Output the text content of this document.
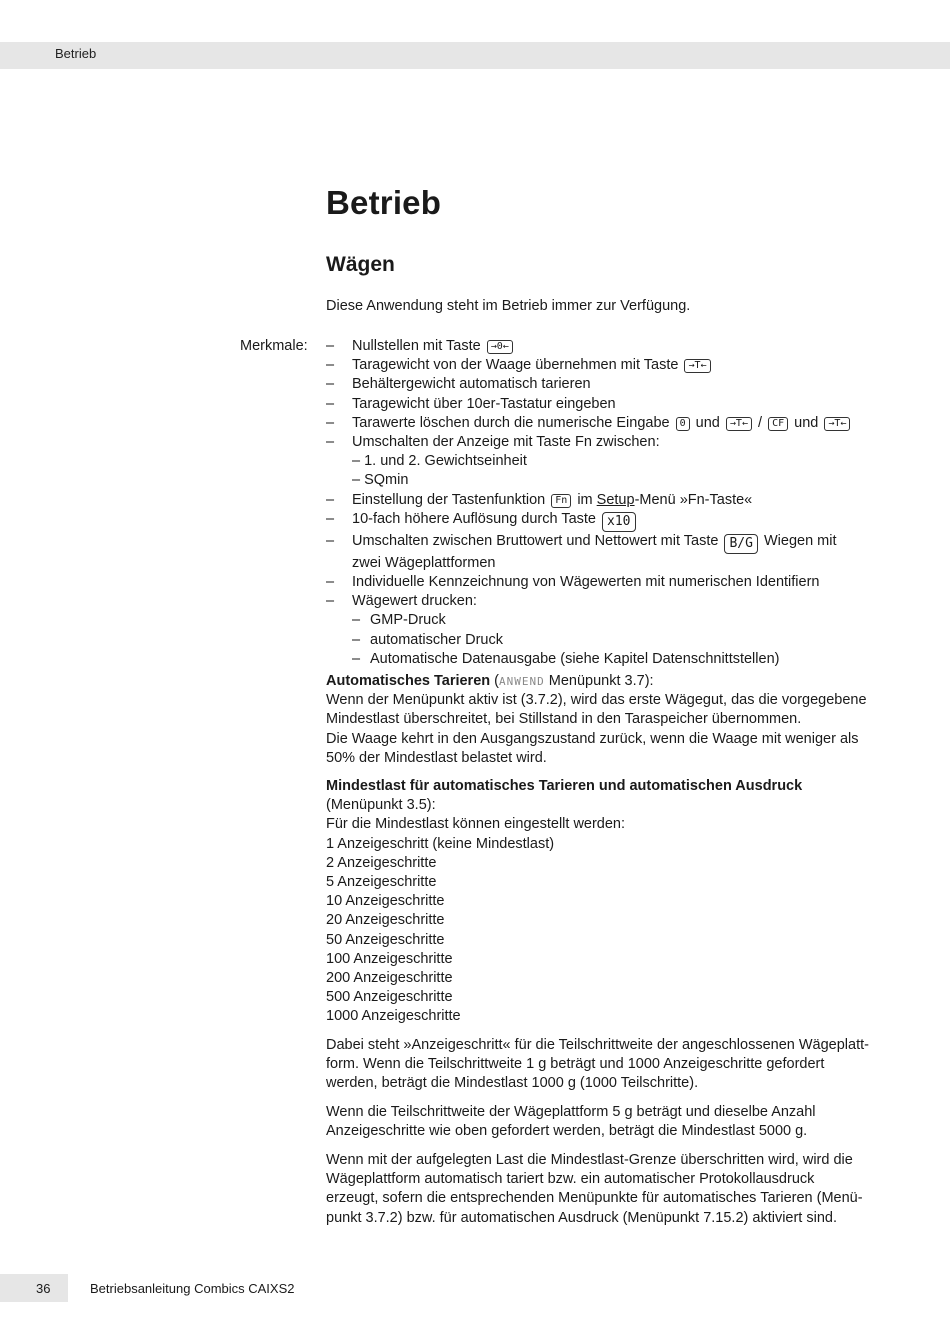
Betrieb
Betrieb
Wägen
Diese Anwendung steht im Betrieb immer zur Verfügung.
Merkmale: – Nullstellen mit Taste →0←
– Taragewicht von der Waage übernehmen mit Taste →T←
– Behältergewicht automatisch tarieren
– Taragewicht über 10er-Tastatur eingeben
– Tarawerte löschen durch die numerische Eingabe 0 und →T← / CF und →T←
– Umschalten der Anzeige mit Taste Fn zwischen:
– 1. und 2. Gewichtseinheit
– SQmin
– Einstellung der Tastenfunktion Fn im Setup-Menü »Fn-Taste«
– 10-fach höhere Auflösung durch Taste x10
– Umschalten zwischen Bruttowert und Nettowert mit Taste B/G Wiegen mit
zwei Wägeplattformen
– Individuelle Kennzeichnung von Wägewerten mit numerischen Identifiern
– Wägewert drucken:
– GMP-Druck
– automatischer Druck
– Automatische Datenausgabe (siehe Kapitel Datenschnittstellen)
Automatisches Tarieren (ANWEND Menüpunkt 3.7):
Wenn der Menüpunkt aktiv ist (3.7.2), wird das erste Wägegut, das die vorgegebene
Mindestlast überschreitet, bei Stillstand in den Taraspeicher übernommen.
Die Waage kehrt in den Ausgangszustand zurück, wenn die Waage mit weniger als
50% der Mindestlast belastet wird.
Mindestlast für automatisches Tarieren und automatischen Ausdruck
(Menüpunkt 3.5):
Für die Mindestlast können eingestellt werden:
1 Anzeigeschritt (keine Mindestlast)
2 Anzeigeschritte
5 Anzeigeschritte
10 Anzeigeschritte
20 Anzeigeschritte
50 Anzeigeschritte
100 Anzeigeschritte
200 Anzeigeschritte
500 Anzeigeschritte
1000 Anzeigeschritte
Dabei steht »Anzeigeschritt« für die Teilschrittweite der angeschlossenen Wägeplatt-
form. Wenn die Teilschrittweite 1 g beträgt und 1000 Anzeigeschritte gefordert
werden, beträgt die Mindestlast 1000 g (1000 Teilschritte).
Wenn die Teilschrittweite der Wägeplattform 5 g beträgt und dieselbe Anzahl
Anzeigeschritte wie oben gefordert werden, beträgt die Mindestlast 5000 g.
Wenn mit der aufgelegten Last die Mindestlast-Grenze überschritten wird, wird die
Wägeplattform automatisch tariert bzw. ein automatischer Protokollausdruck
erzeugt, sofern die entsprechenden Menüpunkte für automatisches Tarieren (Menü-
punkt 3.7.2) bzw. für automatischen Ausdruck (Menüpunkt 7.15.2) aktiviert sind.
36	Betriebsanleitung Combics CAIXS2
